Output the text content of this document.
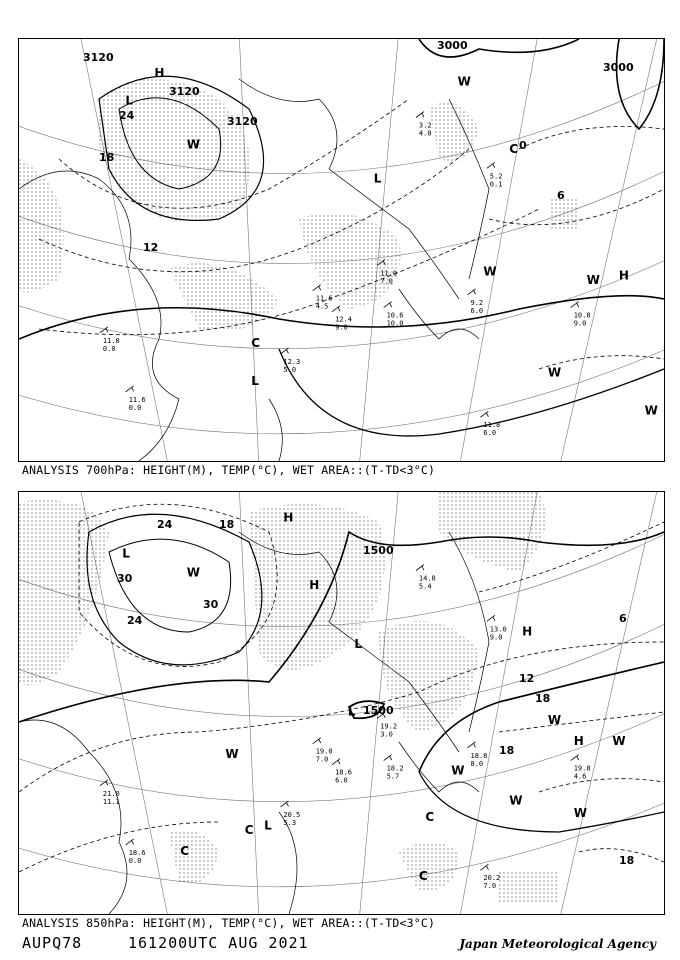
3000
3120
3000
3120
3120
18
24
12
6
0
H
L
H
L
C
C
L
W
W
W
W
W
W
11.0
0.0
12.3
5.0
11.6
0.0
10.8
9.0
9.2
6.0
11.0
7.0
10.6
10.0
11.6
4.5
12.4
9.0
11.8
6.0
3.2
4.0
5.2
0.1
ANALYSIS 700hPa: HEIGHT(M), TEMP(°C), WET AREA::(T-TD<3°C)
1500
1500
24
30
18
12
6
18
30
24
18
18
L
H
H
L
L
H
H
L
C
C
C
C
W
W
W
W
W
W
W
21.0
11.1
20.5
5.3
18.6
0.0
19.8
4.6
18.8
8.0
19.2
3.0
18.2
5.7
19.0
7.0
18.6
6.0
20.2
7.0
14.8
5.4
13.0
9.0
ANALYSIS 850hPa: HEIGHT(M), TEMP(°C), WET AREA::(T-TD<3°C)
AUPQ78	161200UTC AUG 2021	Japan Meteorological Agency
